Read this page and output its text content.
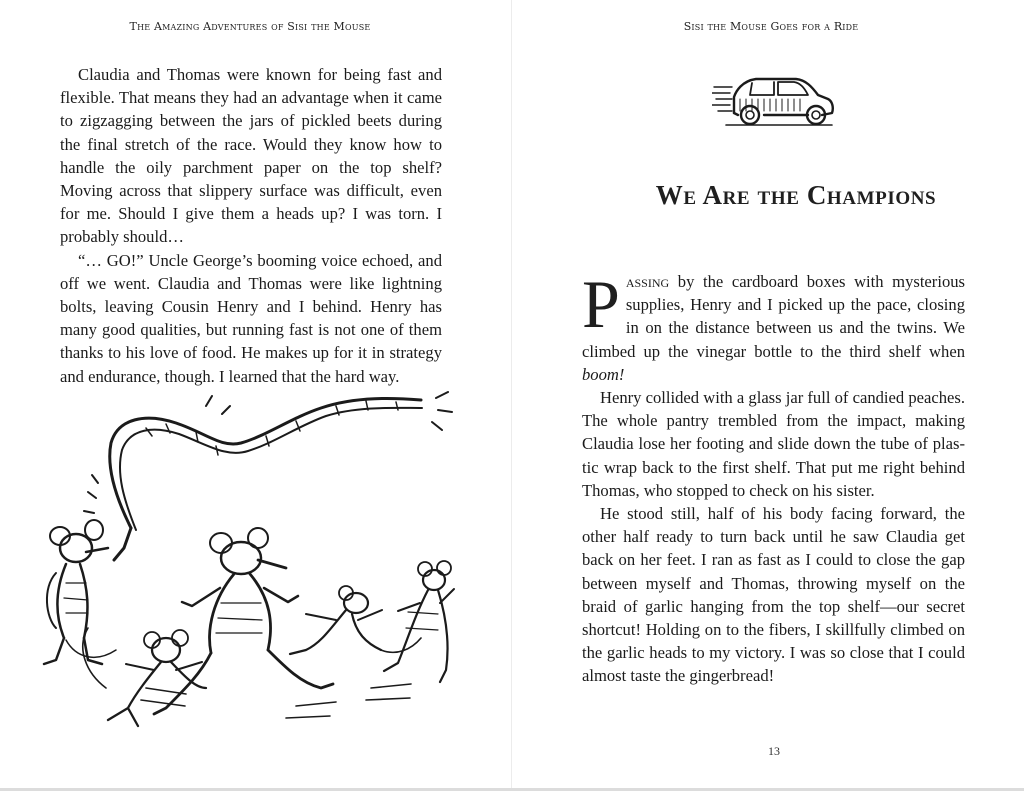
The Amazing Adventures of Sisi the Mouse

Claudia and Thomas were known for being fast and flexible. That means they had an advantage when it came to zigzagging between the jars of pickled beets during the final stretch of the race. Would they know how to handle the oily parchment paper on the top shelf? Moving across that slippery surface was difficult, even for me. Should I give them a heads up? I was torn. I probably should…

“… GO!” Uncle George’s booming voice echoed, and off we went. Claudia and Thomas were like lightning bolts, leaving Cousin Henry and I behind. Henry has many good qualities, but running fast is not one of them thanks to his love of food. He makes up for it in strategy and endurance, though. I learned that the hard way.

Sisi the Mouse Goes for a Ride
We Are the Champions

Passing by the cardboard boxes with mysterious supplies, Henry and I picked up the pace, closing in on the distance between us and the twins. We climbed up the vinegar bottle to the third shelf when boom!

Henry collided with a glass jar full of candied peaches. The whole pantry trembled from the impact, making Claudia lose her footing and slide down the tube of plastic wrap back to the first shelf. That put me right behind Thomas, who stopped to check on his sister.

He stood still, half of his body facing forward, the other half ready to turn back until he saw Claudia get back on her feet. I ran as fast as I could to close the gap between myself and Thomas, throwing myself on the braid of garlic hanging from the top shelf—our secret shortcut! Holding on to the fibers, I skillfully climbed on the garlic heads to my victory. I was so close that I could almost taste the gingerbread!

13
